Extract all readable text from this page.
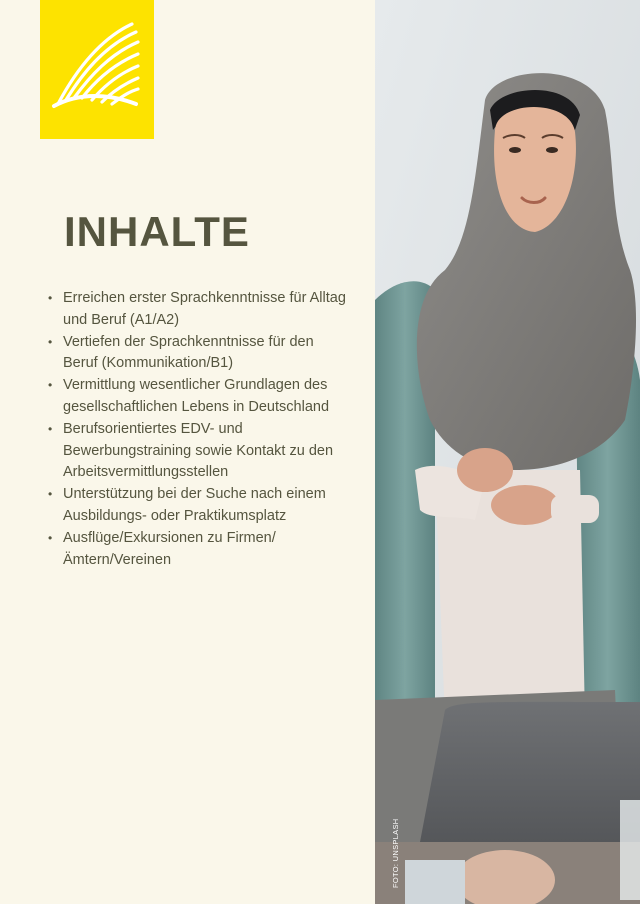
INHALTE
• Erreichen erster Sprachkenntnisse für Alltag und Beruf (A1/A2)
• Vertiefen der Sprachkenntnisse für den Beruf (Kommunikation/B1)
• Vermittlung wesentlicher Grundlagen des gesellschaftlichen Lebens in Deutschland
• Berufsorientiertes EDV- und Bewerbungstraining sowie Kontakt zu den Arbeitsvermittlungsstellen
• Unterstützung bei der Suche nach einem Ausbildungs- oder Praktikumsplatz
• Ausflüge/Exkursionen zu Firmen/ Ämtern/Vereinen
FOTO: UNSPLASH
